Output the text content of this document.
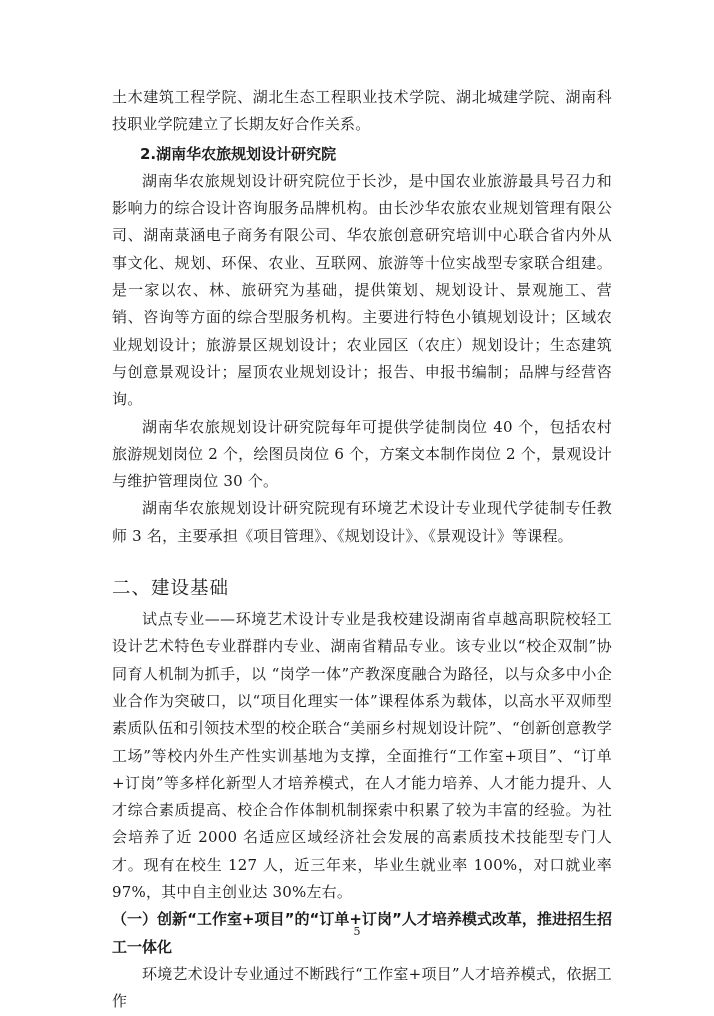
土木建筑工程学院、湖北生态工程职业技术学院、湖北城建学院、湖南科技职业学院建立了长期友好合作关系。

2.湖南华农旅规划设计研究院

湖南华农旅规划设计研究院位于长沙，是中国农业旅游最具号召力和影响力的综合设计咨询服务品牌机构。由长沙华农旅农业规划管理有限公司、湖南菉涵电子商务有限公司、华农旅创意研究培训中心联合省内外从事文化、规划、环保、农业、互联网、旅游等十位实战型专家联合组建。是一家以农、林、旅研究为基础，提供策划、规划设计、景观施工、营销、咨询等方面的综合型服务机构。主要进行特色小镇规划设计；区域农业规划设计；旅游景区规划设计；农业园区（农庄）规划设计；生态建筑与创意景观设计；屋顶农业规划设计；报告、申报书编制；品牌与经营咨询。

湖南华农旅规划设计研究院每年可提供学徒制岗位 40 个，包括农村旅游规划岗位 2 个，绘图员岗位 6 个，方案文本制作岗位 2 个，景观设计与维护管理岗位 30 个。

湖南华农旅规划设计研究院现有环境艺术设计专业现代学徒制专任教师 3 名，主要承担《项目管理》、《规划设计》、《景观设计》等课程。

二、建设基础

试点专业——环境艺术设计专业是我校建设湖南省卓越高职院校轻工设计艺术特色专业群群内专业、湖南省精品专业。该专业以“校企双制”协同育人机制为抓手，以 “岗学一体”产教深度融合为路径，以与众多中小企业合作为突破口，以“项目化理实一体”课程体系为载体，以高水平双师型素质队伍和引领技术型的校企联合“美丽乡村规划设计院”、“创新创意教学工场”等校内外生产性实训基地为支撑，全面推行“工作室+项目”、“订单+订岗”等多样化新型人才培养模式，在人才能力培养、人才能力提升、人才综合素质提高、校企合作体制机制探索中积累了较为丰富的经验。为社会培养了近 2000 名适应区域经济社会发展的高素质技术技能型专门人才。现有在校生 127 人，近三年来，毕业生就业率 100%，对口就业率 97%，其中自主创业达 30%左右。

（一）创新“工作室+项目”的“订单+订岗”人才培养模式改革，推进招生招工一体化

环境艺术设计专业通过不断践行“工作室+项目”人才培养模式，依据工作

5
